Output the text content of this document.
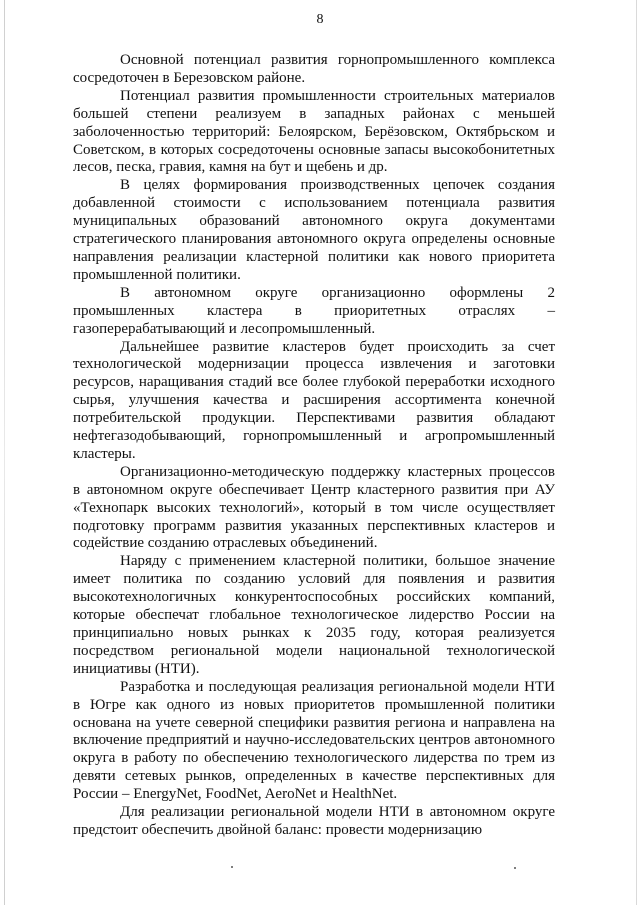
8

Основной потенциал развития горнопромышленного комплекса сосредоточен в Березовском районе.

Потенциал развития промышленности строительных материалов большей степени реализуем в западных районах с меньшей заболоченностью территорий: Белоярском, Берёзовском, Октябрьском и Советском, в которых сосредоточены основные запасы высокобонитетных лесов, песка, гравия, камня на бут и щебень и др.

В целях формирования производственных цепочек создания добавленной стоимости с использованием потенциала развития муниципальных образований автономного округа документами стратегического планирования автономного округа определены основные направления реализации кластерной политики как нового приоритета промышленной политики.

В автономном округе организационно оформлены 2 промышленных кластера в приоритетных отраслях – газоперерабатывающий и лесопромышленный.

Дальнейшее развитие кластеров будет происходить за счет технологической модернизации процесса извлечения и заготовки ресурсов, наращивания стадий все более глубокой переработки исходного сырья, улучшения качества и расширения ассортимента конечной потребительской продукции. Перспективами развития обладают нефтегазодобывающий, горнопромышленный и агропромышленный кластеры.

Организационно-методическую поддержку кластерных процессов в автономном округе обеспечивает Центр кластерного развития при АУ «Технопарк высоких технологий», который в том числе осуществляет подготовку программ развития указанных перспективных кластеров и содействие созданию отраслевых объединений.

Наряду с применением кластерной политики, большое значение имеет политика по созданию условий для появления и развития высокотехнологичных конкурентоспособных российских компаний, которые обеспечат глобальное технологическое лидерство России на принципиально новых рынках к 2035 году, которая реализуется посредством региональной модели национальной технологической инициативы (НТИ).

Разработка и последующая реализация региональной модели НТИ в Югре как одного из новых приоритетов промышленной политики основана на учете северной специфики развития региона и направлена на включение предприятий и научно-исследовательских центров автономного округа в работу по обеспечению технологического лидерства по трем из девяти сетевых рынков, определенных в качестве перспективных для России – EnergyNet, FoodNet, AeroNet и HealthNet.

Для реализации региональной модели НТИ в автономном округе предстоит обеспечить двойной баланс: провести модернизацию
